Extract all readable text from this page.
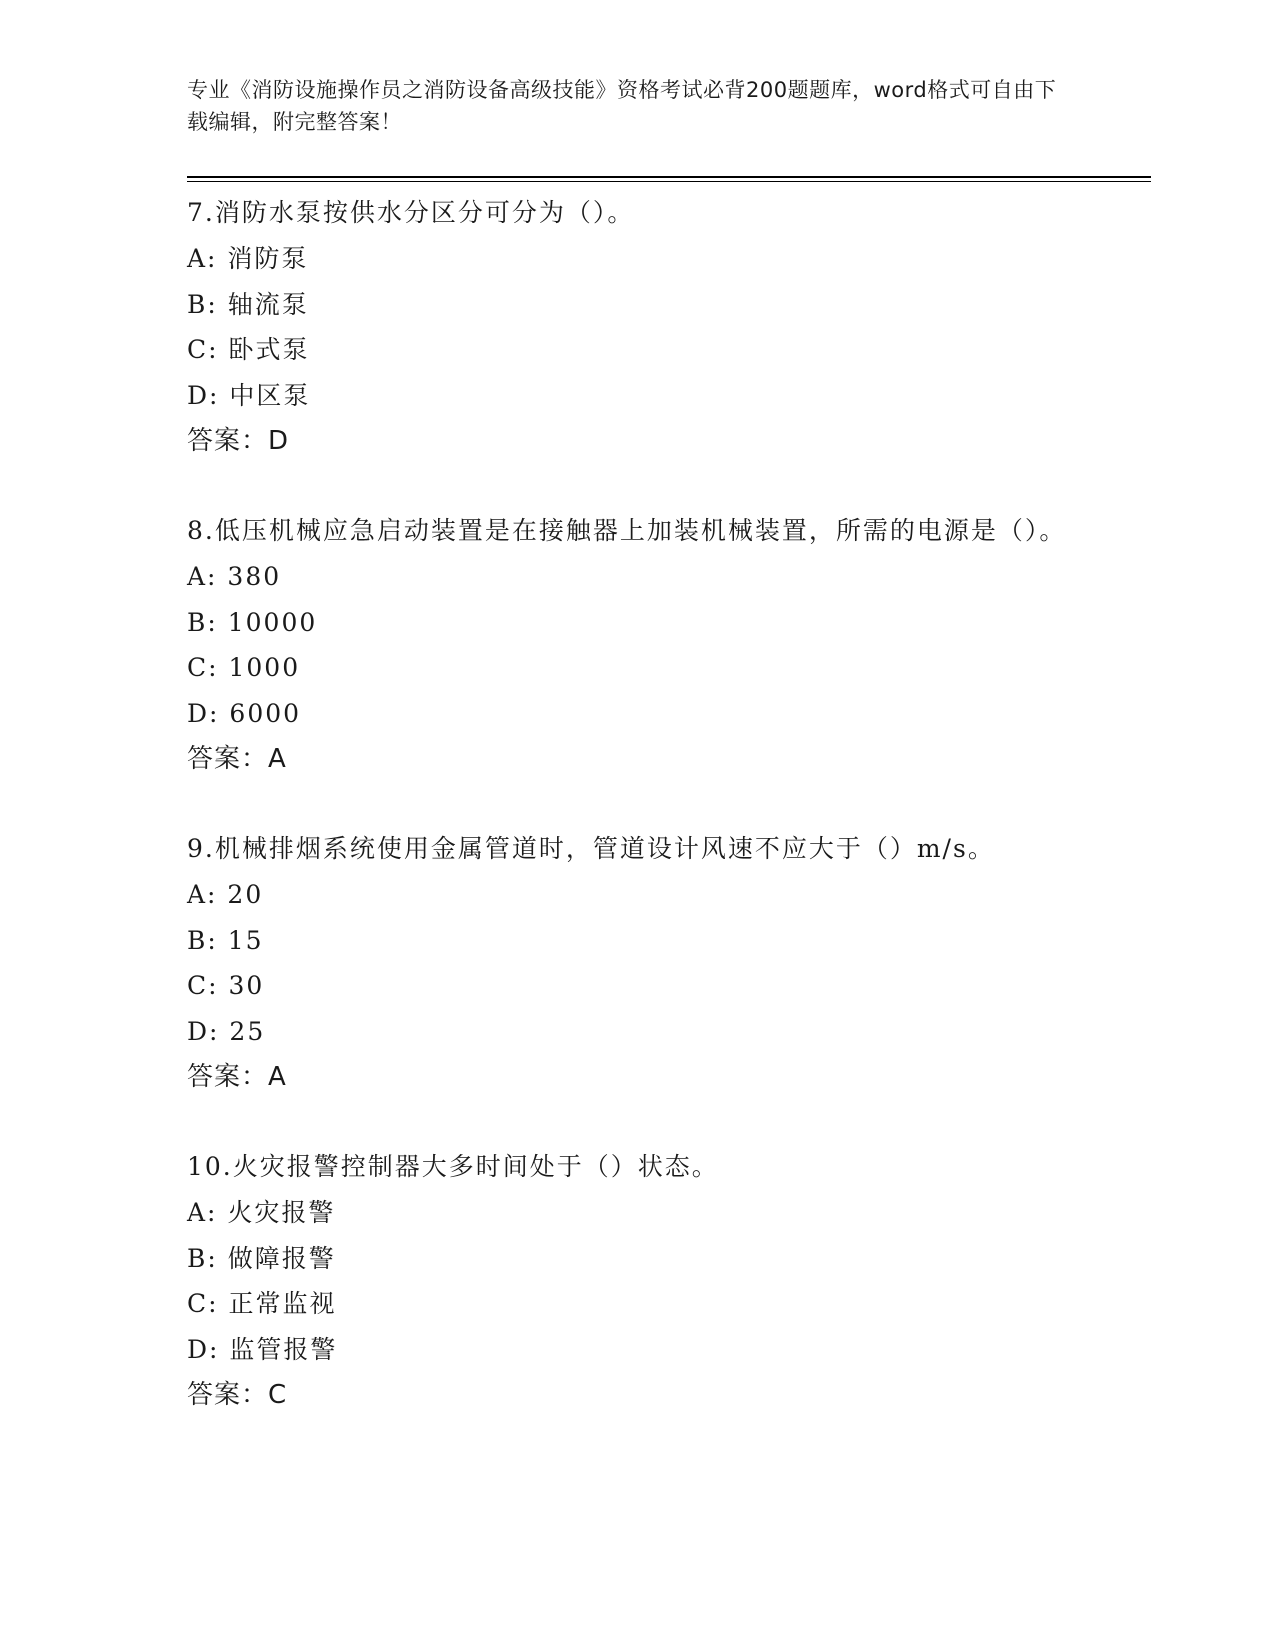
专业《消防设施操作员之消防设备高级技能》资格考试必背200题题库，word格式可自由下载编辑，附完整答案！
7.消防水泵按供水分区分可分为（）。
A: 消防泵
B: 轴流泵
C: 卧式泵
D: 中区泵
答案：D
8.低压机械应急启动装置是在接触器上加装机械装置，所需的电源是（）。
A: 380
B: 10000
C: 1000
D: 6000
答案：A
9.机械排烟系统使用金属管道时，管道设计风速不应大于（）m/s。
A: 20
B: 15
C: 30
D: 25
答案：A
10.火灾报警控制器大多时间处于（）状态。
A: 火灾报警
B: 做障报警
C: 正常监视
D: 监管报警
答案：C
